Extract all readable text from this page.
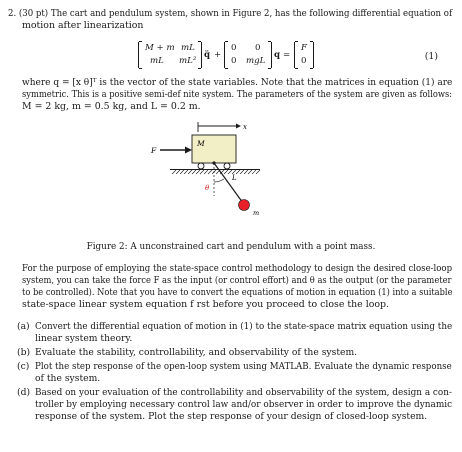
2. (30 pt) The cart and pendulum system, shown in Figure 2, has the following differential equation of
motion after linearization
M + m mL
mL mL²
q̈ +
0 0
0 mgL
q =
F
0	(1)
where q = [x θ]ᵀ is the vector of the state variables. Note that the matrices in equation (1) are
symmetric. This is a positive semi-def nite system. The parameters of the system are given as follows:
M = 2 kg, m = 0.5 kg, and L = 0.2 m.
x
M
F
L
θ
m
Figure 2: A unconstrained cart and pendulum with a point mass.
For the purpose of employing the state-space control methodology to design the desired close-loop
system, you can take the force F as the input (or control effort) and θ as the output (or the parameter
to be controlled). Note that you have to convert the equations of motion in equation (1) into a suitable
state-space linear system equation f rst before you proceed to close the loop.
(a) Convert the differential equation of motion in (1) to the state-space matrix equation using the
linear system theory.
(b) Evaluate the stability, controllability, and observability of the system.
(c) Plot the step response of the open-loop system using MATLAB. Evaluate the dynamic response
of the system.
(d) Based on your evaluation of the controllability and observability of the system, design a con-
troller by employing necessary control law and/or observer in order to improve the dynamic
response of the system. Plot the step response of your design of closed-loop system.
